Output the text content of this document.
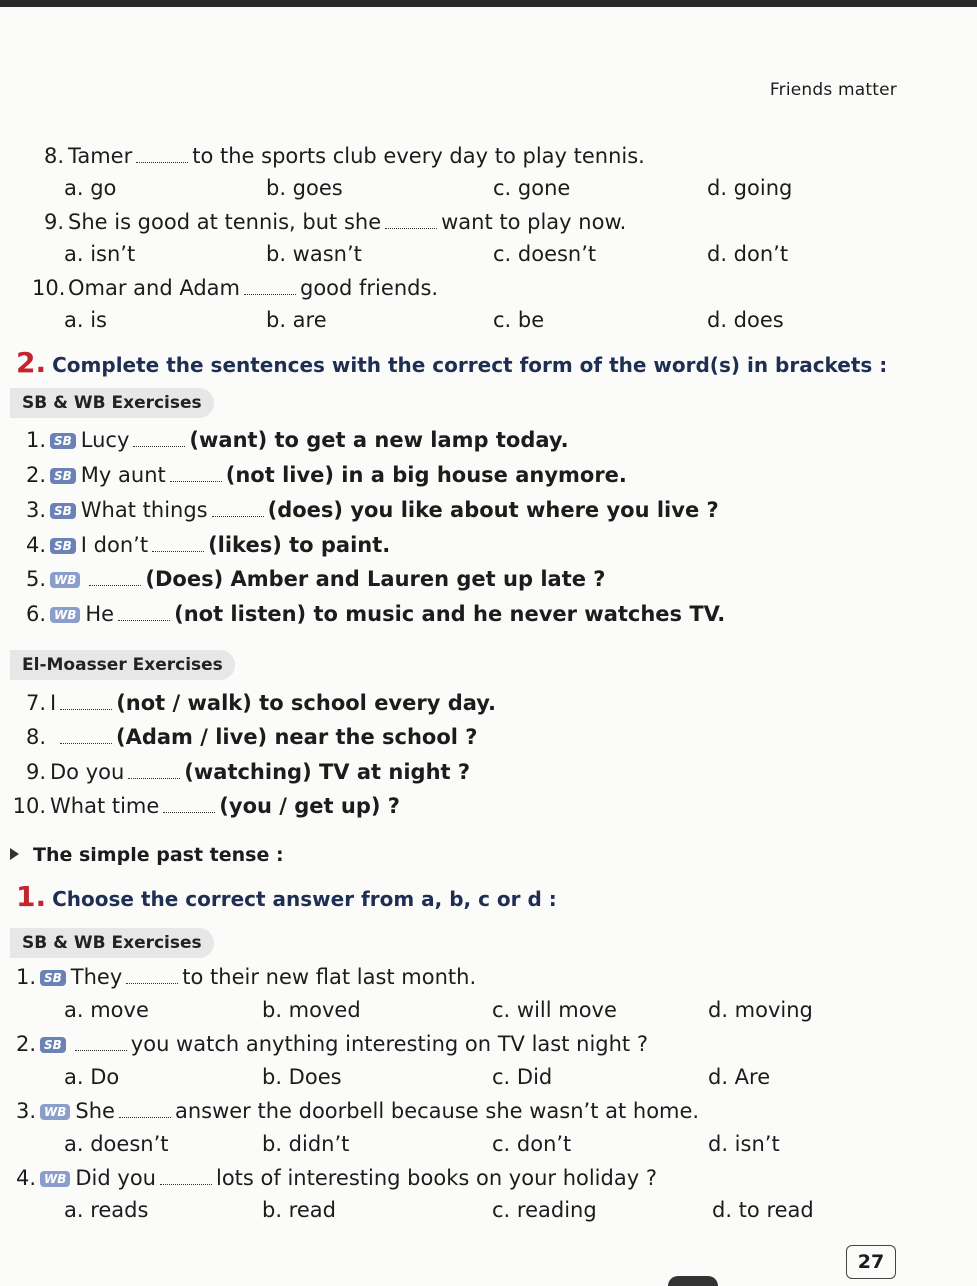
Friends matter
8. Tamer	to the sports club every day to play tennis.
a. go	b. goes	c. gone	d. going
9. She is good at tennis, but she	want to play now.
a. isn’t	b. wasn’t	c. doesn’t	d. don’t
10. Omar and Adam	good friends.
a. is	b. are	c. be	d. does
2. Complete the sentences with the correct form of the word(s) in brackets :
SB & WB Exercises
1. SB Lucy	(want) to get a new lamp today.
2. SB My aunt	(not live) in a big house anymore.
3. SB What things	(does) you like about where you live ?
4. SB I don’t	(likes) to paint.
5. WB	(Does) Amber and Lauren get up late ?
6. WB He	(not listen) to music and he never watches TV.
El-Moasser Exercises
7. I	(not / walk) to school every day.
8.	(Adam / live) near the school ?
9. Do you	(watching) TV at night ?
10. What time	(you / get up) ?
The simple past tense :
1. Choose the correct answer from a, b, c or d :
SB & WB Exercises
1. SB They	to their new flat last month.
a. move	b. moved	c. will move	d. moving
2. SB	you watch anything interesting on TV last night ?
a. Do	b. Does	c. Did	d. Are
3. WB She	answer the doorbell because she wasn’t at home.
a. doesn’t	b. didn’t	c. don’t	d. isn’t
4. WB Did you	lots of interesting books on your holiday ?
a. reads	b. read	c. reading	d. to read
27
